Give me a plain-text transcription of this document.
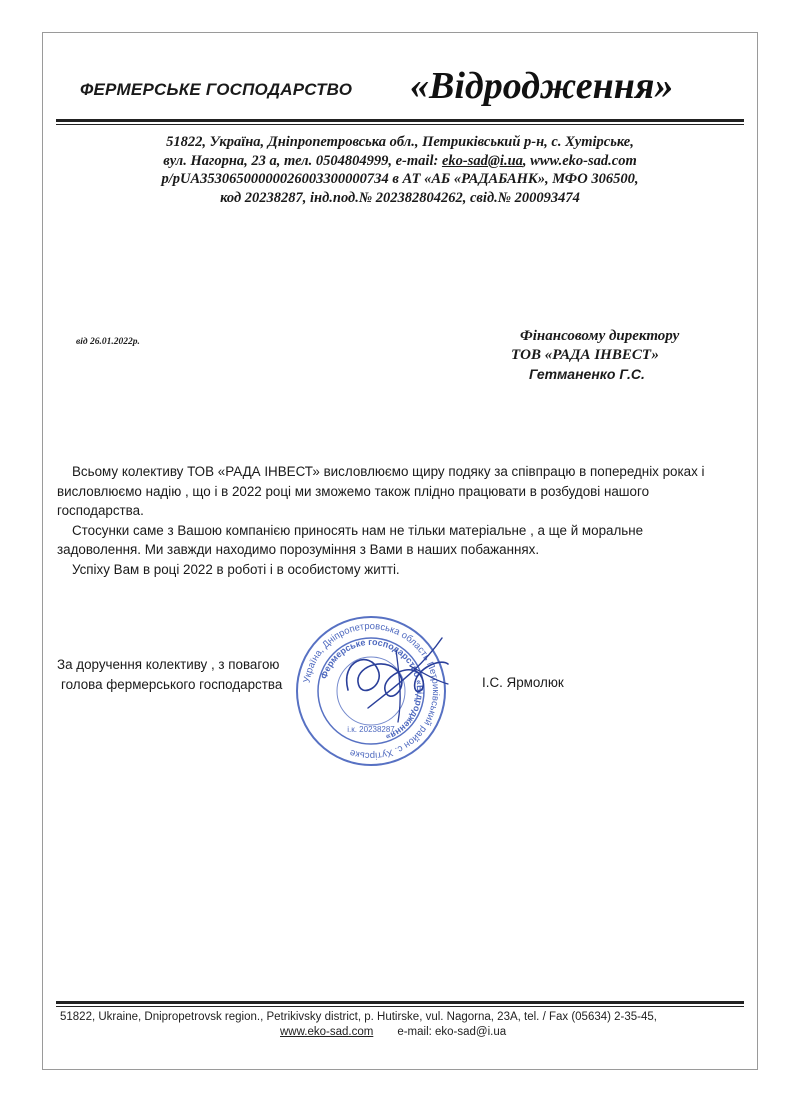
ФЕРМЕРСЬКЕ ГОСПОДАРСТВО «Відродження»
51822, Україна, Дніпропетровська обл., Петриківський р-н, с. Хутірське,
вул. Нагорна, 23 а, тел. 0504804999, e-mail: eko-sad@i.ua, www.eko-sad.com
р/рUA353065000000260033000007З4 в АТ «АБ «РАДАБАНК», МФО 306500,
код 20238287, інд.под.№ 202382804262, свід.№ 200093474
від 26.01.2022р.	Фінансовому директору
ТОВ «РАДА ІНВЕСТ»
Гетманенко Г.С.

Всьому колективу ТОВ «РАДА ІНВЕСТ» висловлюємо щиру подяку за співпрацю в попередніх роках і висловлюємо надію , що і в 2022 році ми зможемо також плідно працювати в розбудові нашого господарства.

Стосунки саме з Вашою компанією приносять нам не тільки матеріальне , а ще й моральне задоволення. Ми завжди находимо порозуміння з Вами в наших побажаннях.

Успіху Вам в році 2022 в роботі і в особистому житті.

За доручення колективу , з повагою
голова фермерського господарства	І.С. Ярмолюк
Україна, Дніпропетровська область Петриківський район с. Хутірське
Фермерське господарство «Відродження»
і.к. 20238287
51822, Ukraine, Dnipropetrovsk region., Petrikivsky district, p. Hutirske, vul. Nagorna, 23A, tel. / Fax (05634) 2-35-45,
www.eko-sad.com e-mail: eko-sad@i.ua
